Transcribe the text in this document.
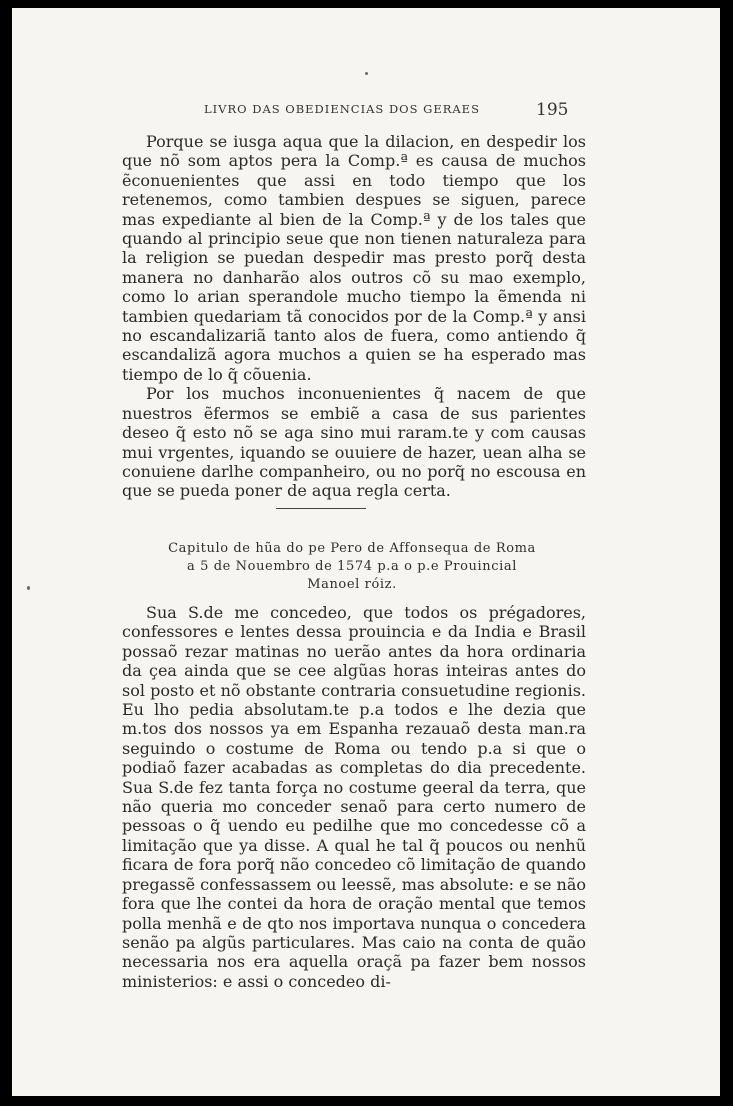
LIVRO DAS OBEDIENCIAS DOS GERAES	195

Porque se iusga aqua que la dilacion, en despedir los que nõ som aptos pera la Comp.ª es causa de muchos ẽconuenientes que assi en todo tiempo que los retenemos, como tambien despues se siguen, parece mas expediante al bien de la Comp.ª y de los tales que quando al principio seue que non tienen naturaleza para la religion se puedan despedir mas presto porq̃ desta manera no danharão alos outros cõ su mao exemplo, como lo arian sperandole mucho tiempo la ẽmenda ni tambien quedariam tã conocidos por de la Comp.ª y ansi no escandalizariã tanto alos de fuera, como antiendo q̃ escandalizã agora muchos a quien se ha esperado mas tiempo de lo q̃ cõuenia.

Por los muchos inconuenientes q̃ nacem de que nuestros ẽfermos se embiẽ a casa de sus parientes deseo q̃ esto nõ se aga sino mui raram.te y com causas mui vrgentes, iquando se ouuiere de hazer, uean alha se conuiene darlhe companheiro, ou no porq̃ no escousa en que se pueda poner de aqua regla certa.

Capitulo de hũa do pe Pero de Affonsequa de Roma
a 5 de Nouembro de 1574 p.a o p.e Prouincial
Manoel róiz.

Sua S.de me concedeo, que todos os prégadores, confessores e lentes dessa prouincia e da India e Brasil possaõ rezar matinas no uerão antes da hora ordinaria da çea ainda que se cee algũas horas inteiras antes do sol posto et nõ obstante contraria consuetudine regionis. Eu lho pedia absolutam.te p.a todos e lhe dezia que m.tos dos nossos ya em Espanha rezauaõ desta man.ra seguindo o costume de Roma ou tendo p.a si que o podiaõ fazer acabadas as completas do dia precedente. Sua S.de fez tanta força no costume geeral da terra, que não queria mo conceder senaõ para certo numero de pessoas o q̃ uendo eu pedilhe que mo concedesse cõ a limitação que ya disse. A qual he tal q̃ poucos ou nenhũ ficara de fora porq̃ não concedeo cõ limitação de quando pregassẽ confessassem ou leessẽ, mas absolute: e se não fora que lhe contei da hora de oração mental que temos polla menhã e de qto nos importava nunqua o concedera senão pa algũs particulares. Mas caio na conta de quão necessaria nos era aquella oraçã pa fazer bem nossos ministerios: e assi o concedeo di-
